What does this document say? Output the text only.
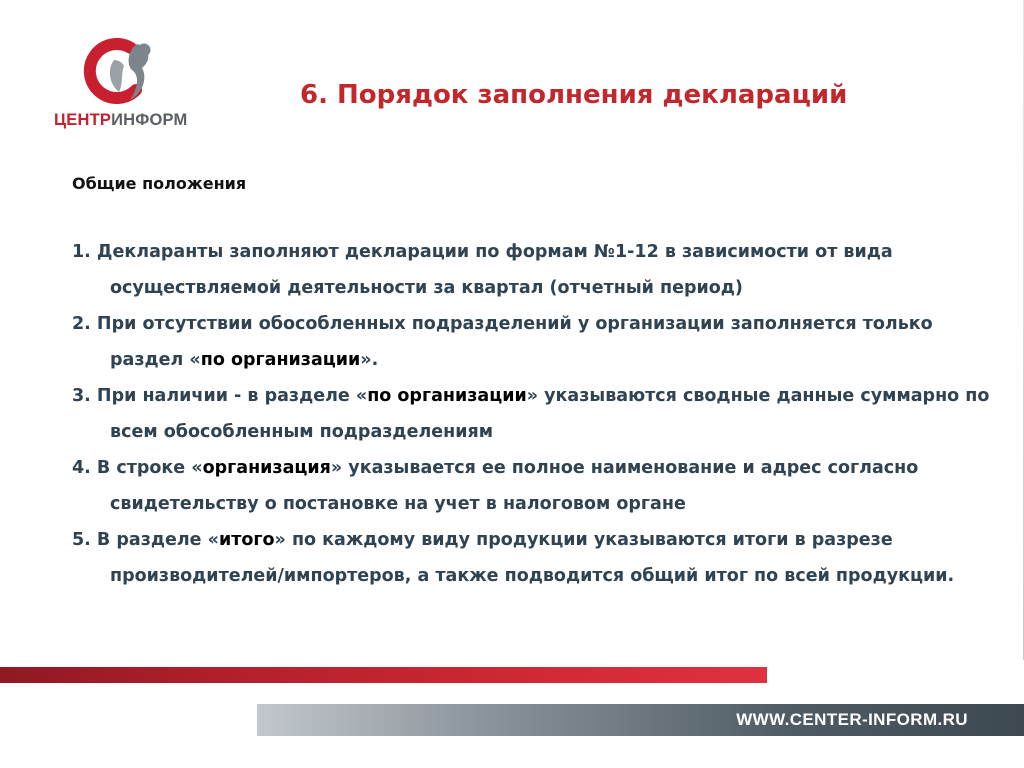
ЦЕНТРИНФОРМ
6. Порядок заполнения деклараций

Общие положения

1. Декларанты заполняют декларации по формам №1-12 в зависимости от вида осуществляемой деятельности за квартал (отчетный период)

2. При отсутствии обособленных подразделений у организации заполняется только раздел «по организации».

3. При наличии - в разделе «по организации» указываются сводные данные суммарно по всем обособленным подразделениям

4. В строке «организация» указывается ее полное наименование и адрес согласно свидетельству о постановке на учет в налоговом органе

5. В разделе «итого» по каждому виду продукции указываются итоги в разрезе производителей/импортеров, а также подводится общий итог по всей продукции.

WWW.CENTER-INFORM.RU
